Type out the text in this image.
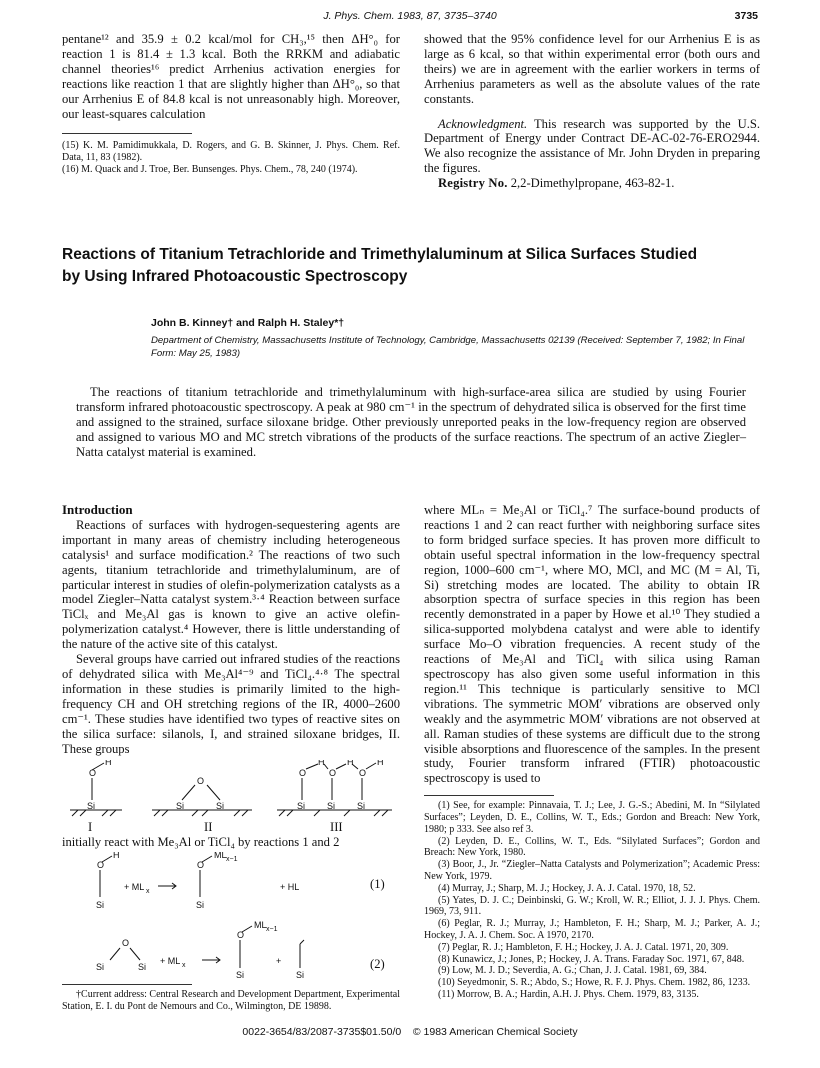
J. Phys. Chem. 1983, 87, 3735–3740	3735

pentane¹² and 35.9 ± 0.2 kcal/mol for CH₃,¹⁵ then ΔH°₀ for reaction 1 is 81.4 ± 1.3 kcal. Both the RRKM and adiabatic channel theories¹⁶ predict Arrhenius activation energies for reactions like reaction 1 that are slightly higher than ΔH°₀, so that our Arrhenius E of 84.8 kcal is not unreasonably high. Moreover, our least-squares calculation

(15) K. M. Pamidimukkala, D. Rogers, and G. B. Skinner, J. Phys. Chem. Ref. Data, 11, 83 (1982).

(16) M. Quack and J. Troe, Ber. Bunsenges. Phys. Chem., 78, 240 (1974).

showed that the 95% confidence level for our Arrhenius E is as large as 6 kcal, so that within experimental error (both ours and theirs) we are in agreement with the earlier workers in terms of Arrhenius parameters as well as the absolute values of the rate constants.

Acknowledgment. This research was supported by the U.S. Department of Energy under Contract DE-AC-02-76-ERO2944. We also recognize the assistance of Mr. John Dryden in preparing the figures.

Registry No. 2,2-Dimethylpropane, 463-82-1.

Reactions of Titanium Tetrachloride and Trimethylaluminum at Silica Surfaces Studied
by Using Infrared Photoacoustic Spectroscopy
John B. Kinney† and Ralph H. Staley*†
Department of Chemistry, Massachusetts Institute of Technology, Cambridge, Massachusetts 02139 (Received: September 7, 1982; In Final Form: May 25, 1983)

The reactions of titanium tetrachloride and trimethylaluminum with high-surface-area silica are studied by using Fourier transform infrared photoacoustic spectroscopy. A peak at 980 cm⁻¹ in the spectrum of dehydrated silica is observed for the first time and assigned to the strained, surface siloxane bridge. Other previously unreported peaks in the low-frequency region are observed and assigned to various MO and MC stretch vibrations of the products of the surface reactions. The spectrum of an active Ziegler–Natta catalyst material is examined.

Introduction

Reactions of surfaces with hydrogen-sequestering agents are important in many areas of chemistry including heterogeneous catalysis¹ and surface modification.² The reactions of two such agents, titanium tetrachloride and trimethylaluminum, are of particular interest in studies of olefin-polymerization catalysts as a model Ziegler–Natta catalyst system.³·⁴ Reaction between surface TiClₓ and Me₃Al gas is known to give an active olefin-polymerization catalyst.⁴ However, there is little understanding of the nature of the active site of this catalyst.

Several groups have carried out infrared studies of the reactions of dehydrated silica with Me₃Al⁴⁻⁹ and TiCl₄.⁴·⁸ The spectral information in these studies is primarily limited to the high-frequency CH and OH stretching regions of the IR, 4000–2600 cm⁻¹. These studies have identified two types of reactive sites on the silica surface: silanols, I, and strained siloxane bridges, II. These groups

O
H
Si
O
Si	Si
O	O	O
H	H	H
Si Si Si
I	II	III

initially react with Me₃Al or TiCl₄ by reactions 1 and 2

O
H
Si
+ ML x
O
ML x−1
Si
+ HL
Si
O
Si
+ ML x
O
ML x−1
Si
+
Si
(1)
(2)

†Current address: Central Research and Development Department, Experimental Station, E. I. du Pont de Nemours and Co., Wilmington, DE 19898.

where MLₙ = Me₃Al or TiCl₄.⁷ The surface-bound products of reactions 1 and 2 can react further with neighboring surface sites to form bridged surface species. It has proven more difficult to obtain useful spectral information in the low-frequency spectral region, 1000–600 cm⁻¹, where MO, MCl, and MC (M = Al, Ti, Si) stretching modes are located. The ability to obtain IR absorption spectra of surface species in this region has been recently demonstrated in a paper by Howe et al.¹⁰ They studied a silica-supported molybdena catalyst and were able to identify surface Mo–O vibration frequencies. A recent study of the reactions of Me₃Al and TiCl₄ with silica using Raman spectroscopy has also given some useful information in this region.¹¹ This technique is particularly sensitive to MCl vibrations. The symmetric MOM′ vibrations are observed only weakly and the asymmetric MOM′ vibrations are not observed at all. Raman studies of these systems are difficult due to the strong visible absorptions and fluorescence of the samples. In the present study, Fourier transform infrared (FTIR) photoacoustic spectroscopy is used to

(1) See, for example: Pinnavaia, T. J.; Lee, J. G.-S.; Abedini, M. In “Silylated Surfaces”; Leyden, D. E., Collins, W. T., Eds.; Gordon and Breach: New York, 1980; p 333. See also ref 3.

(2) Leyden, D. E., Collins, W. T., Eds. “Silylated Surfaces”; Gordon and Breach: New York, 1980.

(3) Boor, J., Jr. “Ziegler–Natta Catalysts and Polymerization”; Academic Press: New York, 1979.

(4) Murray, J.; Sharp, M. J.; Hockey, J. A. J. Catal. 1970, 18, 52.

(5) Yates, D. J. C.; Deinbinski, G. W.; Kroll, W. R.; Elliot, J. J. J. Phys. Chem. 1969, 73, 911.

(6) Peglar, R. J.; Murray, J.; Hambleton, F. H.; Sharp, M. J.; Parker, A. J.; Hockey, J. A. J. Chem. Soc. A 1970, 2170.

(7) Peglar, R. J.; Hambleton, F. H.; Hockey, J. A. J. Catal. 1971, 20, 309.

(8) Kunawicz, J.; Jones, P.; Hockey, J. A. Trans. Faraday Soc. 1971, 67, 848.

(9) Low, M. J. D.; Severdia, A. G.; Chan, J. J. Catal. 1981, 69, 384.

(10) Seyedmonir, S. R.; Abdo, S.; Howe, R. F. J. Phys. Chem. 1982, 86, 1233.

(11) Morrow, B. A.; Hardin, A.H. J. Phys. Chem. 1979, 83, 3135.

0022-3654/83/2087-3735$01.50/0 © 1983 American Chemical Society
